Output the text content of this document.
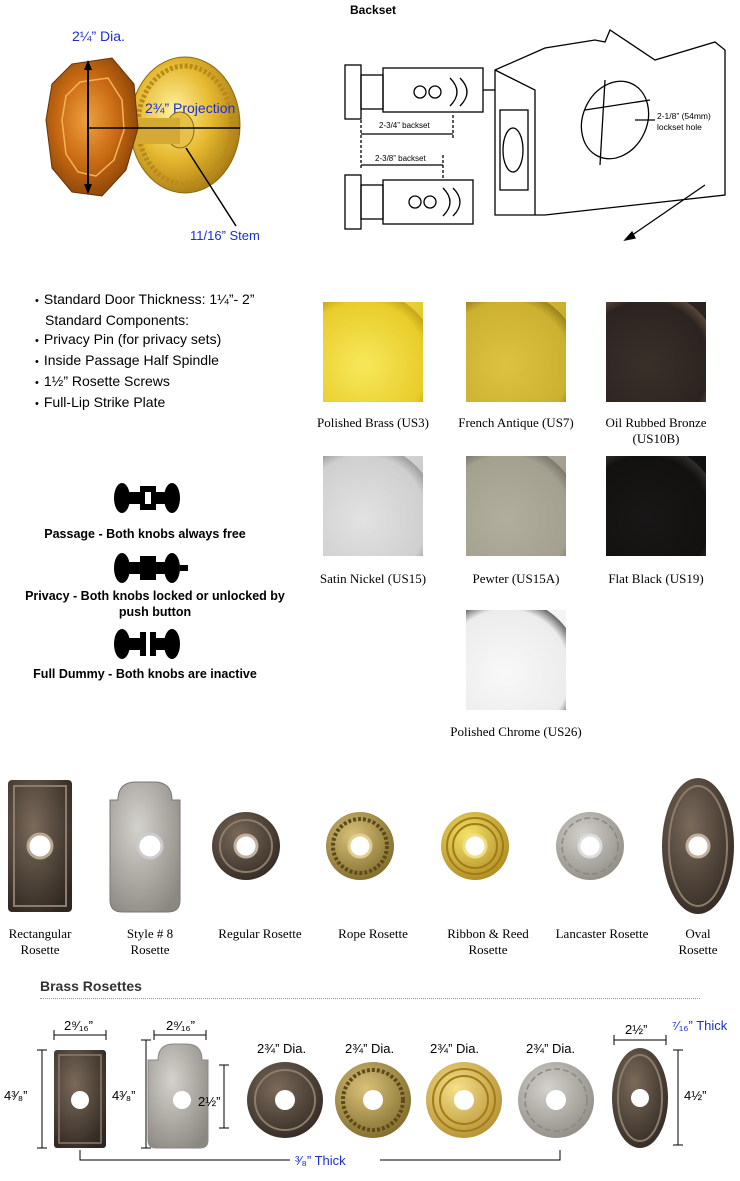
2¼” Dia.
2¾” Projection
11/16” Stem
Backset
2-3/4” backset
2-3/8” backset
2-1/8” (54mm)
lockset hole
• Standard Door Thickness: 1¼”- 2”
Standard Components:
• Privacy Pin (for privacy sets)
• Inside Passage Half Spindle
• 1½” Rosette Screws
• Full-Lip Strike Plate
Passage - Both knobs always free
Privacy - Both knobs locked or unlocked by push button
Full Dummy - Both knobs are inactive
Polished Brass (US3)	French Antique (US7)	Oil Rubbed Bronze (US10B)
Satin Nickel (US15)	Pewter (US15A)	Flat Black (US19)
Polished Chrome (US26)
Rectangular Rosette
Style # 8 Rosette
Regular Rosette	Rope Rosette	Ribbon & Reed Rosette
Lancaster Rosette	Oval Rosette
Brass Rosettes
2⁹⁄₁₆”
4³⁄₈”
2⁹⁄₁₆”
4³⁄₈”	2½”
2¾” Dia.	2¾” Dia.	2¾” Dia.	2¾” Dia.
2½” ⁷⁄₁₆” Thick
4½”
³⁄₈” Thick
